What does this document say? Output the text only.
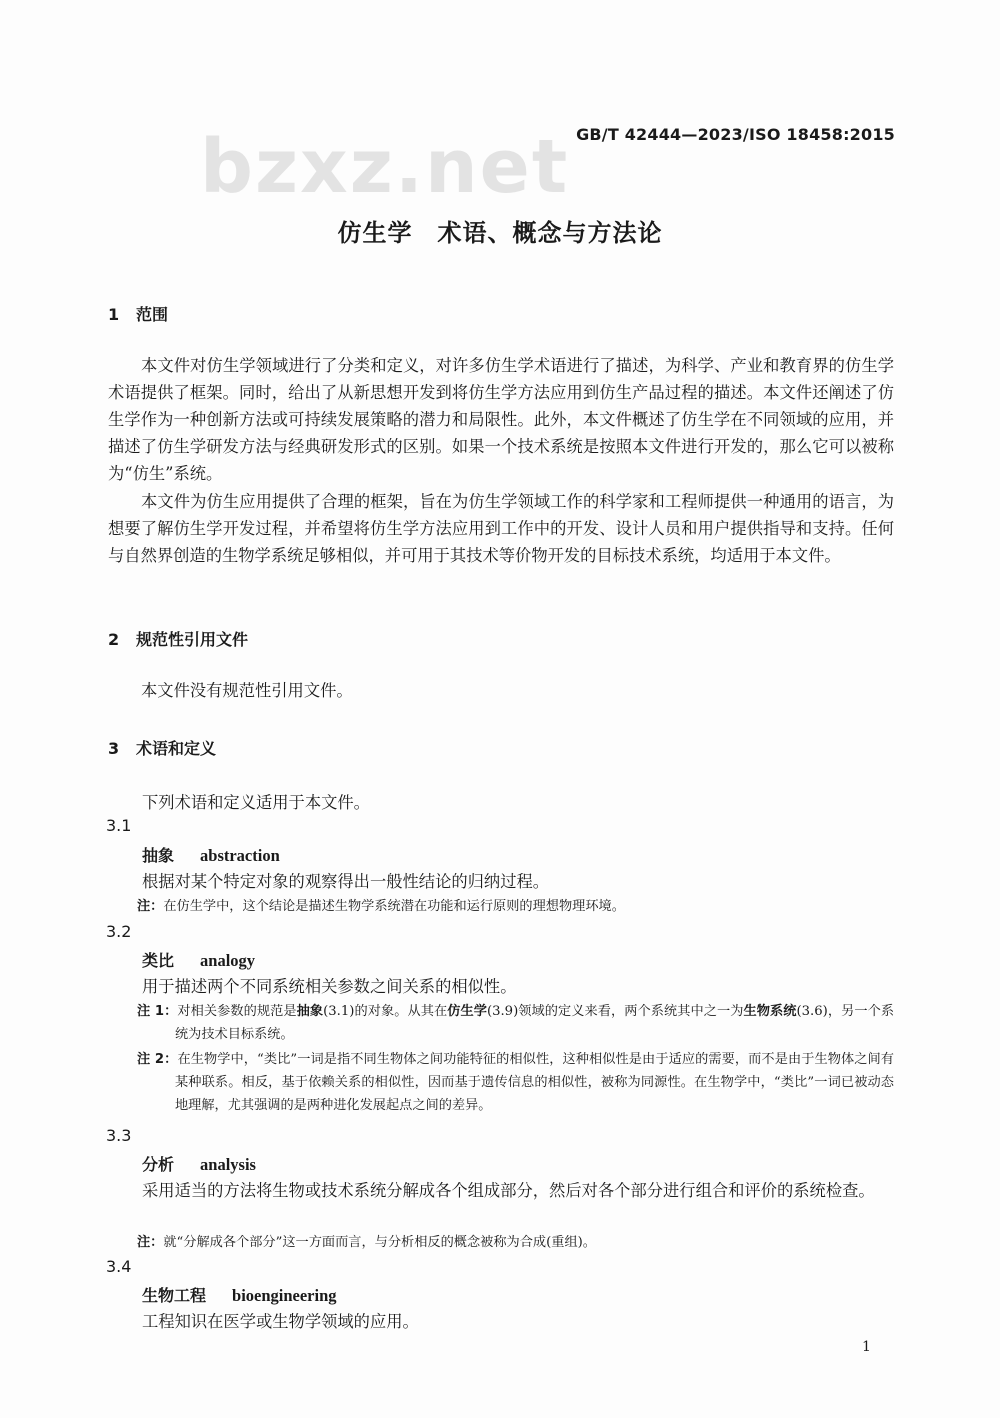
bzxz.net GB/T 42444—2023/ISO 18458:2015
仿生学　术语、概念与方法论
1 范围
本文件对仿生学领域进行了分类和定义，对许多仿生学术语进行了描述，为科学、产业和教育界的仿生学术语提供了框架。同时，给出了从新思想开发到将仿生学方法应用到仿生产品过程的描述。本文件还阐述了仿生学作为一种创新方法或可持续发展策略的潜力和局限性。此外，本文件概述了仿生学在不同领域的应用，并描述了仿生学研发方法与经典研发形式的区别。如果一个技术系统是按照本文件进行开发的，那么它可以被称为“仿生”系统。
本文件为仿生应用提供了合理的框架，旨在为仿生学领域工作的科学家和工程师提供一种通用的语言，为想要了解仿生学开发过程，并希望将仿生学方法应用到工作中的开发、设计人员和用户提供指导和支持。任何与自然界创造的生物学系统足够相似，并可用于其技术等价物开发的目标技术系统，均适用于本文件。
2 规范性引用文件
本文件没有规范性引用文件。
3 术语和定义
下列术语和定义适用于本文件。
3.1
抽象 abstraction
根据对某个特定对象的观察得出一般性结论的归纳过程。
注：在仿生学中，这个结论是描述生物学系统潜在功能和运行原则的理想物理环境。
3.2
类比 analogy
用于描述两个不同系统相关参数之间关系的相似性。
注 1：对相关参数的规范是抽象(3.1)的对象。从其在仿生学(3.9)领域的定义来看，两个系统其中之一为生物系统(3.6)，另一个系统为技术目标系统。
注 2：在生物学中，“类比”一词是指不同生物体之间功能特征的相似性，这种相似性是由于适应的需要，而不是由于生物体之间有某种联系。相反，基于依赖关系的相似性，因而基于遗传信息的相似性，被称为同源性。在生物学中，“类比”一词已被动态地理解，尤其强调的是两种进化发展起点之间的差异。
3.3
分析 analysis
采用适当的方法将生物或技术系统分解成各个组成部分，然后对各个部分进行组合和评价的系统检查。
注：就“分解成各个部分”这一方面而言，与分析相反的概念被称为合成(重组)。
3.4
生物工程 bioengineering
工程知识在医学或生物学领域的应用。
1
